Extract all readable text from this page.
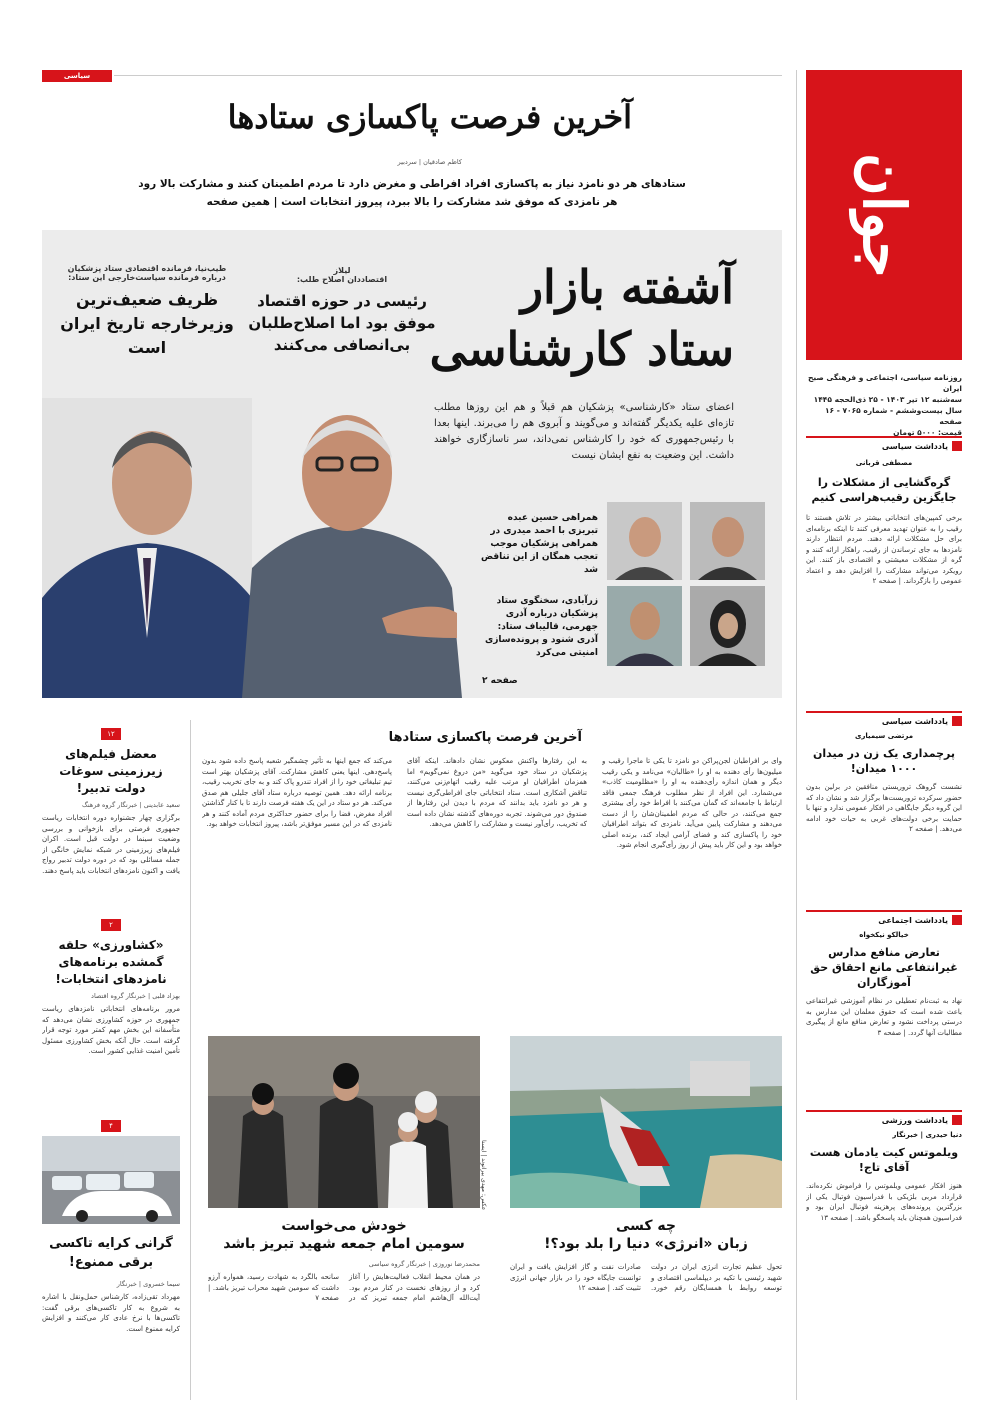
جوان
روزنامه سیاسی، اجتماعی و فرهنگی صبح ایران
سه‌شنبه ۱۲ تیر ۱۴۰۳ - ۲۵ ذی‌الحجه ۱۴۴۵
سال بیست‌وششم - شماره ۷۰۶۵ - ۱۶ صفحه
قیمت: ۵۰۰۰ تومان
یادداشت سیاسی
مصطفی قربانی
گره‌گشایی از مشکلات را جایگزین رقیب‌هراسی کنیم
برخی کمپین‌های انتخاباتی بیشتر در تلاش هستند تا رقیب را به عنوان تهدید معرفی کنند تا اینکه برنامه‌ای برای حل مشکلات ارائه دهند. مردم انتظار دارند نامزدها به جای ترساندن از رقیب، راهکار ارائه کنند و گره از مشکلات معیشتی و اقتصادی باز کنند. این رویکرد می‌تواند مشارکت را افزایش دهد و اعتماد عمومی را بازگرداند. | صفحه ۲
یادداشت سیاسی
مرتضی سیمیاری
پرچمداری یک زن در میدان ۱۰۰۰ میدان!
نشست گروهک تروریستی منافقین در برلین بدون حضور سرکرده تروریست‌ها برگزار شد و نشان داد که این گروه دیگر جایگاهی در افکار عمومی ندارد و تنها با حمایت برخی دولت‌های غربی به حیات خود ادامه می‌دهد. | صفحه ۲
یادداشت اجتماعی
خیالکو نیکخواه
تعارض منافع مدارس غیرانتفاعی مانع احقاق حق آموزگاران
نهاد به ثبت‌نام تعطیلی در نظام آموزشی غیرانتفاعی باعث شده است که حقوق معلمان این مدارس به درستی پرداخت نشود و تعارض منافع مانع از پیگیری مطالبات آنها گردد. | صفحه ۳
یادداشت ورزشی
دنیا حیدری | خبرنگار
ویلموتس کیت یادمان هست آقای تاج!
هنوز افکار عمومی ویلموتس را فراموش نکرده‌اند. قرارداد مربی بلژیکی با فدراسیون فوتبال یکی از بزرگترین پرونده‌های پرهزینه فوتبال ایران بود و فدراسیون همچنان باید پاسخگو باشد. | صفحه ۱۳
سیاسی
آخرین فرصت پاکسازی ستادها
کاظم صادقیان | سردبیر
ستادهای هر دو نامزد نیاز به پاکسازی افراد افراطی و مغرض دارد تا مردم اطمینان کنند و مشارکت بالا رود
هر نامزدی که موفق شد مشارکت را بالا ببرد، پیروز انتخابات است | همین صفحه
آشفته بازار
ستاد کارشناسی
اعضای ستاد «کارشناسی» پزشکیان هم قبلاً و هم این روزها مطلب تازه‌ای علیه یکدیگر گفته‌اند و می‌گویند و آبروی هم را می‌برند. اینها بعدا با رئیس‌جمهوری که خود را کارشناس نمی‌داند، سر ناسازگاری خواهند داشت. این وضعیت به نفع ایشان نیست
لیلاز
اقتصاددان اصلاح طلب:
رئیسی در حوزه اقتصاد موفق بود اما اصلاح‌طلبان بی‌انصافی می‌کنند
طیب‌نیا، فرمانده اقتصادی ستاد پزشکیان
درباره فرمانده سیاست‌خارجی این ستاد:
ظریف ضعیف‌ترین وزیرخارجه تاریخ ایران است
همراهی حسین عبده تبریزی با احمد میدری در همراهی پزشکیان موجب تعجب همگان از این تناقض شد
زرآبادی، سخنگوی ستاد پزشکیان درباره آذری جهرمی، قالیباف ستاد: آذری شنود و پرونده‌سازی امنیتی می‌کرد
صفحه ۲
۱۲
معضل فیلم‌های زیرزمینی سوغات دولت تدبیر!
سعید عابدینی | خبرنگار گروه فرهنگ
برگزاری چهار جشنواره دوره انتخابات ریاست جمهوری فرصتی برای بازخوانی و بررسی وضعیت سینما در دولت قبل است. اکران فیلم‌های زیرزمینی در شبکه نمایش خانگی از جمله مسائلی بود که در دوره دولت تدبیر رواج یافت و اکنون نامزدهای انتخابات باید پاسخ دهند.
۲
«کشاورزی» حلقه گمشده برنامه‌های نامزدهای انتخابات!
بهزاد قلبی | خبرنگار گروه اقتصاد
مرور برنامه‌های انتخاباتی نامزدهای ریاست جمهوری در حوزه کشاورزی نشان می‌دهد که متأسفانه این بخش مهم کمتر مورد توجه قرار گرفته است. حال آنکه بخش کشاورزی مسئول تأمین امنیت غذایی کشور است.
۴
گرانی کرایه تاکسی برقی ممنوع!
سیما خسروی | خبرنگار
مهرداد تقی‌زاده، کارشناس حمل‌ونقل با اشاره به شروع به کار تاکسی‌های برقی گفت: تاکسی‌ها با نرخ عادی کار می‌کنند و افزایش کرایه ممنوع است.
آخرین فرصت پاکسازی ستادها
وای بر افراطیان لجن‌پراکن دو نامزد تا یکی تا ماجرا رقیب و میلیون‌ها رأی دهنده به او را «طالبان» می‌نامد و یکی رقیب دیگر و همان اندازه رأی‌دهنده به او را «مظلومیت کاذب» می‌شمارد. این افراد از نظر مطلوب فرهنگ جمعی فاقد ارتباط با جامعه‌اند که گمان می‌کنند با افراط خود رأی بیشتری جمع می‌کنند، در حالی که مردم اطمینان‌شان را از دست می‌دهند و مشارکت پایین می‌آید. نامزدی که بتواند اطرافیان خود را پاکسازی کند و فضای آرامی ایجاد کند، برنده اصلی خواهد بود و این کار باید پیش از روز رأی‌گیری انجام شود.
به این رفتارها واکنش معکوس نشان دادهاند. اینکه آقای پزشکیان در ستاد خود می‌گوید «من دروغ نمی‌گویم» اما همزمان اطرافیان او مرتب علیه رقیب اتهام‌زنی می‌کنند، تناقض آشکاری است. ستاد انتخاباتی جای افراطی‌گری نیست و هر دو نامزد باید بدانند که مردم با دیدن این رفتارها از صندوق دور می‌شوند. تجربه دوره‌های گذشته نشان داده است که تخریب، رأی‌آور نیست و مشارکت را کاهش می‌دهد.
می‌کند که جمع اینها به تأثیر چشمگیر شعبه پاسخ داده شود بدون پاسخ‌دهی. اینها یعنی کاهش مشارکت. آقای پزشکیان بهتر است تیم تبلیغاتی خود را از افراد تندرو پاک کند و به جای تخریب رقیب، برنامه ارائه دهد. همین توصیه درباره ستاد آقای جلیلی هم صدق می‌کند. هر دو ستاد در این یک هفته فرصت دارند تا با کنار گذاشتن افراد مغرض، فضا را برای حضور حداکثری مردم آماده کنند و هر نامزدی که در این مسیر موفق‌تر باشد، پیروز انتخابات خواهد بود.
عکس: مهدی بیرانوند | ایسنا
خودش می‌خواست
سومین امام جمعه شهید تبریز باشد
محمدرضا نوروزی | خبرنگار گروه سیاسی
در همان محیط انقلاب فعالیت‌هایش را آغاز کرد و از روزهای نخست در کنار مردم بود. آیت‌الله آل‌هاشم امام جمعه تبریز که در سانحه بالگرد به شهادت رسید، همواره آرزو داشت که سومین شهید محراب تبریز باشد. | صفحه ۷
چه کسی
زبان «انرژی» دنیا را بلد بود؟!
تحول عظیم تجارت انرژی ایران در دولت شهید رئیسی با تکیه بر دیپلماسی اقتصادی و توسعه روابط با همسایگان رقم خورد. صادرات نفت و گاز افزایش یافت و ایران توانست جایگاه خود را در بازار جهانی انرژی تثبیت کند. | صفحه ۱۲
